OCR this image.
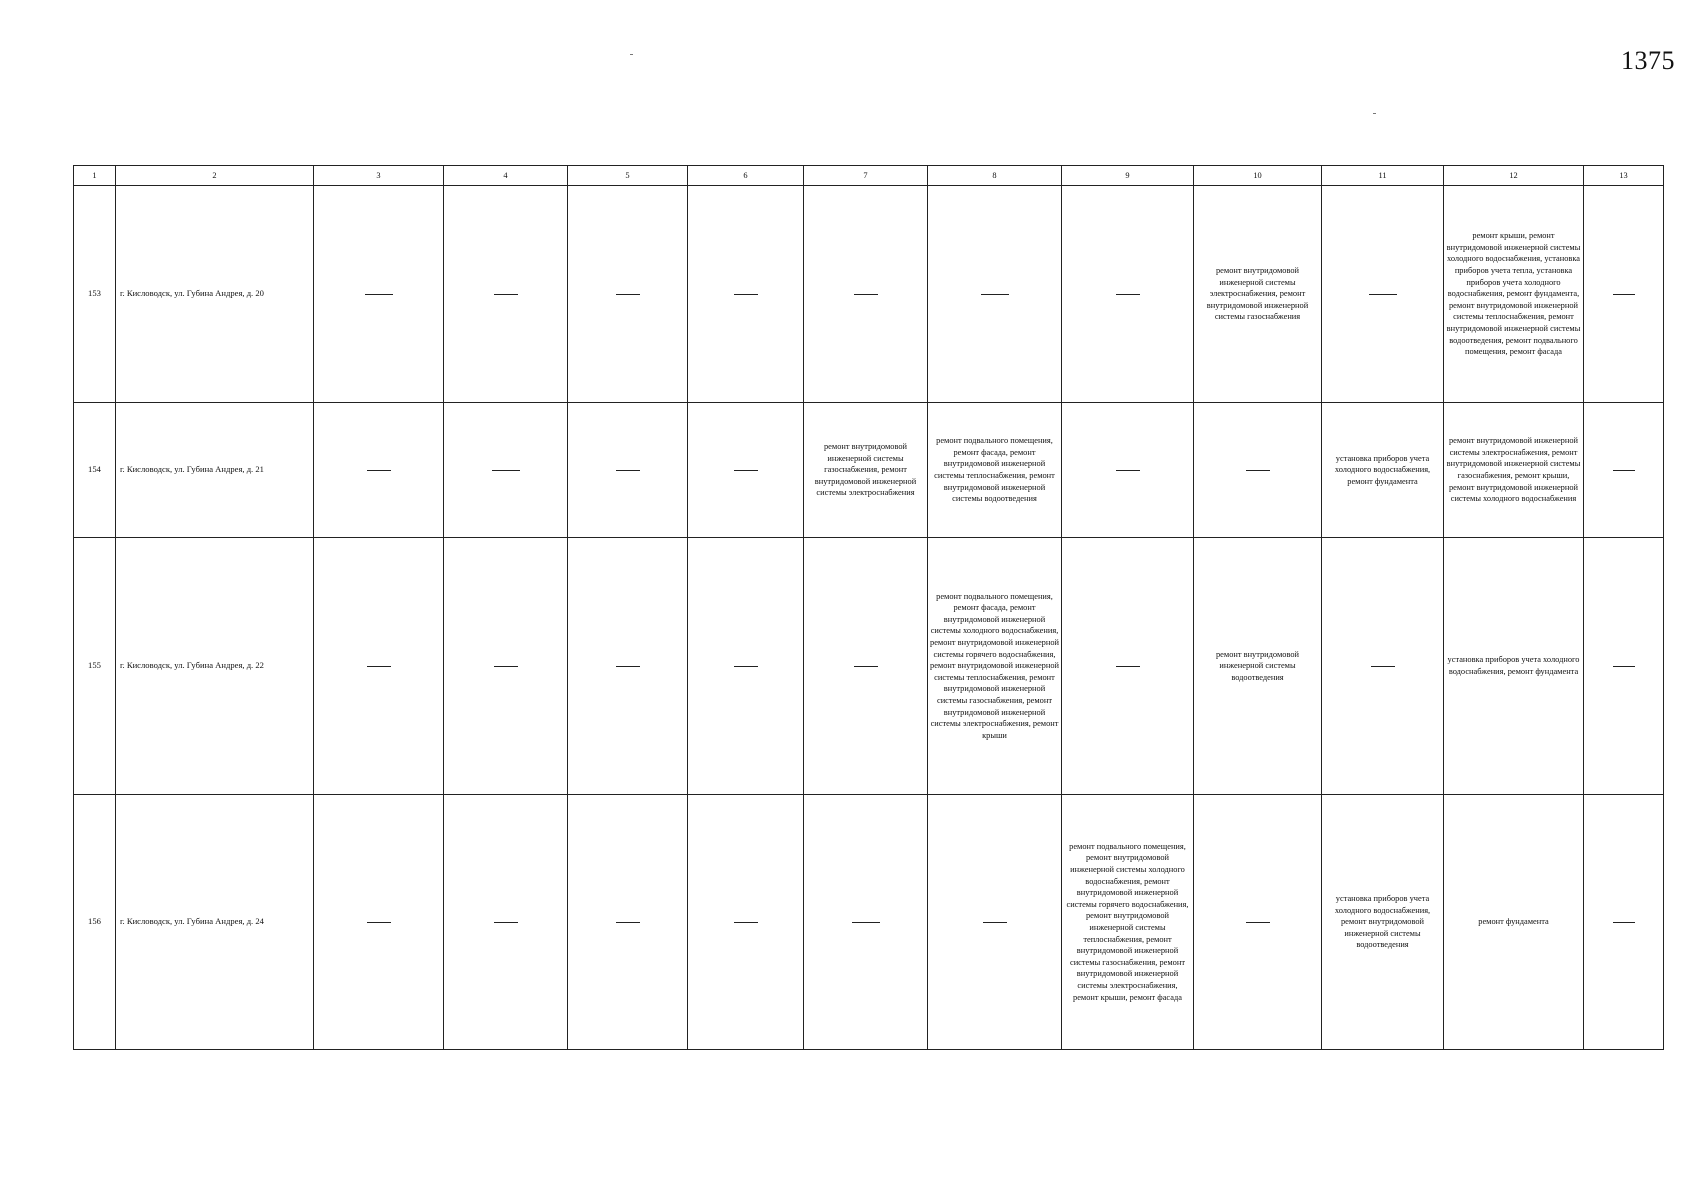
1375
1	2	3	4	5	6	7	8	9	10	11	12	13
153	г. Кисловодск, ул. Губина Андрея, д. 20								ремонт внутридомовой инженерной системы электроснабжения, ремонт внутридомовой инженерной системы газоснабжения		ремонт крыши, ремонт внутридомовой инженерной системы холодного водоснабжения, установка приборов учета тепла, установка приборов учета холодного водоснабжения, ремонт фундамента, ремонт внутридомовой инженерной системы теплоснабжения, ремонт внутридомовой инженерной системы водоотведения, ремонт подвального помещения, ремонт фасада	
154	г. Кисловодск, ул. Губина Андрея, д. 21					ремонт внутридомовой инженерной системы газоснабжения, ремонт внутридомовой инженерной системы электроснабжения	ремонт подвального помещения, ремонт фасада, ремонт внутридомовой инженерной системы теплоснабжения, ремонт внутридомовой инженерной системы водоотведения			установка приборов учета холодного водоснабжения, ремонт фундамента	ремонт внутридомовой инженерной системы электроснабжения, ремонт внутридомовой инженерной системы газоснабжения, ремонт крыши, ремонт внутридомовой инженерной системы холодного водоснабжения	
155	г. Кисловодск, ул. Губина Андрея, д. 22						ремонт подвального помещения, ремонт фасада, ремонт внутридомовой инженерной системы холодного водоснабжения, ремонт внутридомовой инженерной системы горячего водоснабжения, ремонт внутридомовой инженерной системы теплоснабжения, ремонт внутридомовой инженерной системы газоснабжения, ремонт внутридомовой инженерной системы электроснабжения, ремонт крыши		ремонт внутридомовой инженерной системы водоотведения		установка приборов учета холодного водоснабжения, ремонт фундамента	
156	г. Кисловодск, ул. Губина Андрея, д. 24							ремонт подвального помещения, ремонт внутридомовой инженерной системы холодного водоснабжения, ремонт внутридомовой инженерной системы горячего водоснабжения, ремонт внутридомовой инженерной системы теплоснабжения, ремонт внутридомовой инженерной системы газоснабжения, ремонт внутридомовой инженерной системы электроснабжения, ремонт крыши, ремонт фасада		установка приборов учета холодного водоснабжения, ремонт внутридомовой инженерной системы водоотведения	ремонт фундамента	
